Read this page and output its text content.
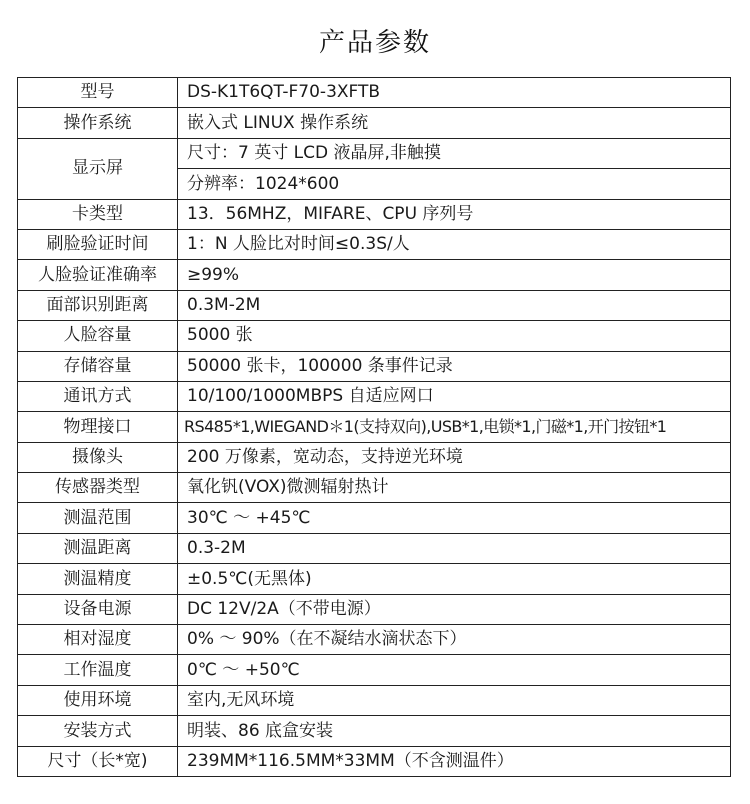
产品参数
型号	DS-K1T6QT-F70-3XFTB
操作系统	嵌入式 LINUX 操作系统
显示屏	尺寸：7 英寸 LCD 液晶屏,非触摸
	分辨率：1024*600
卡类型	13．56MHZ，MIFARE、CPU 序列号
刷脸验证时间	1：N 人脸比对时间≤0.3S/人
人脸验证准确率	≥99%
面部识别距离	0.3M-2M
人脸容量	5000 张
存储容量	50000 张卡，100000 条事件记录
通讯方式	10/100/1000MBPS 自适应网口
物理接口	RS485*1,WIEGAND＊1(支持双向),USB*1,电锁*1,门磁*1,开门按钮*1
摄像头	200 万像素，宽动态，支持逆光环境
传感器类型	氧化钒(VOX)微测辐射热计
测温范围	30℃ ～ +45℃
测温距离	0.3-2M
测温精度	±0.5℃(无黑体)
设备电源	DC 12V/2A（不带电源）
相对湿度	0% ～ 90%（在不凝结水滴状态下）
工作温度	0℃ ～ +50℃
使用环境	室内,无风环境
安装方式	明装、86 底盒安装
尺寸（长*宽)	239MM*116.5MM*33MM（不含测温件）
